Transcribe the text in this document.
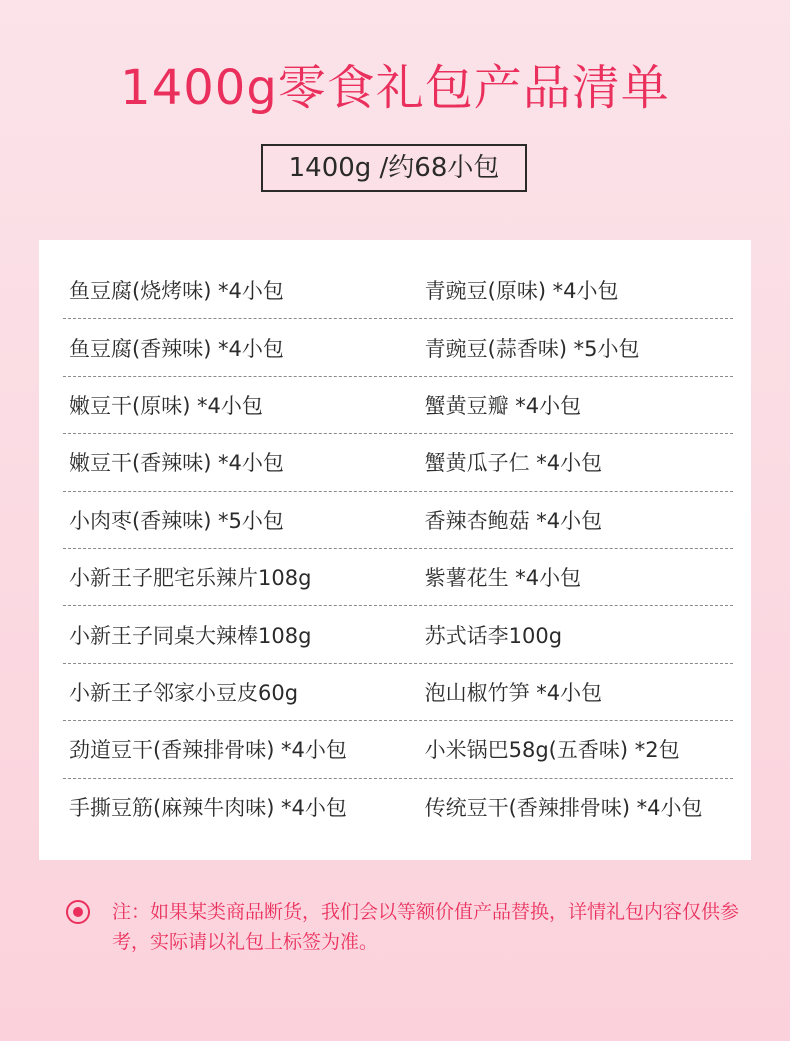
1400g零食礼包产品清单
1400g /约68小包
鱼豆腐(烧烤味) *4小包	青豌豆(原味) *4小包
鱼豆腐(香辣味) *4小包	青豌豆(蒜香味) *5小包
嫩豆干(原味) *4小包	蟹黄豆瓣 *4小包
嫩豆干(香辣味) *4小包	蟹黄瓜子仁 *4小包
小肉枣(香辣味) *5小包	香辣杏鲍菇 *4小包
小新王子肥宅乐辣片108g	紫薯花生 *4小包
小新王子同桌大辣棒108g	苏式话李100g
小新王子邻家小豆皮60g	泡山椒竹笋 *4小包
劲道豆干(香辣排骨味) *4小包	小米锅巴58g(五香味) *2包
手撕豆筋(麻辣牛肉味) *4小包	传统豆干(香辣排骨味) *4小包
注：如果某类商品断货，我们会以等额价值产品替换，详情礼包内容仅供参考，实际请以礼包上标签为准。
